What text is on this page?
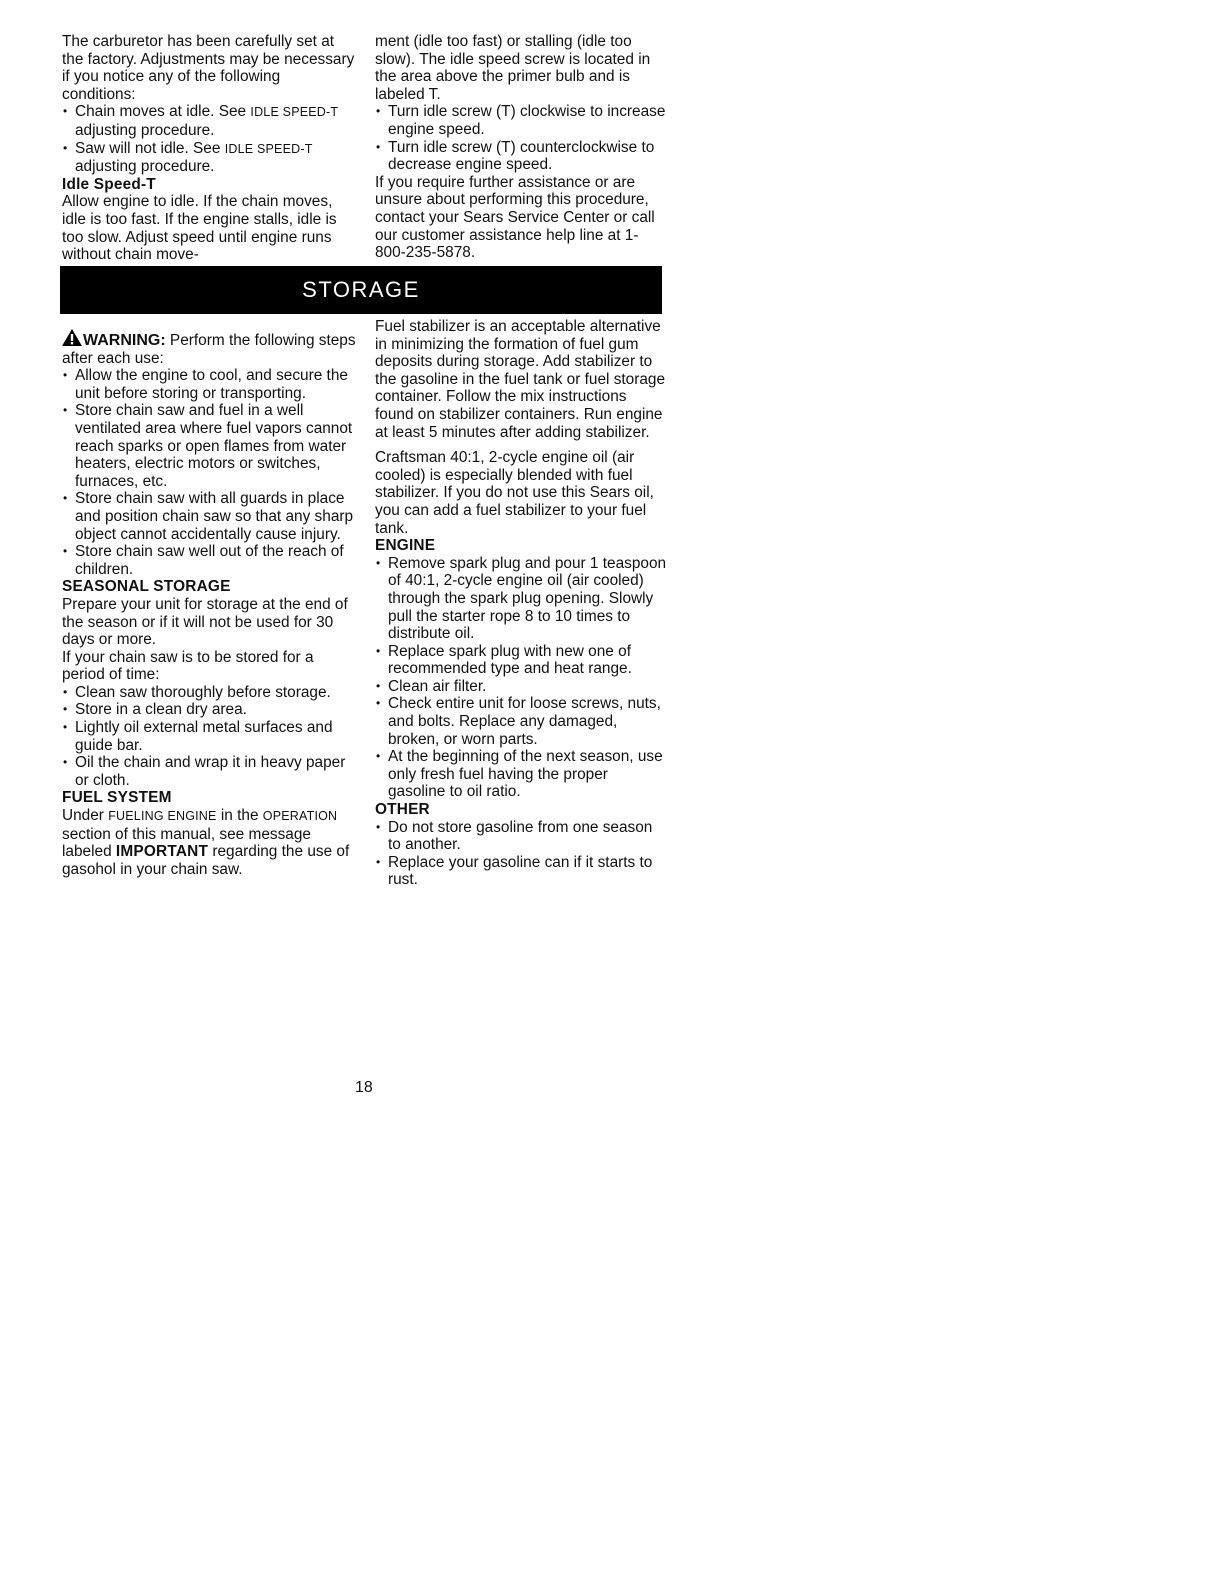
The carburetor has been carefully set at the factory. Adjustments may be necessary if you notice any of the following conditions:

• Chain moves at idle. See IDLE SPEED-T adjusting procedure.

• Saw will not idle. See IDLE SPEED-T adjusting procedure.

Idle Speed-T

Allow engine to idle. If the chain moves, idle is too fast. If the engine stalls, idle is too slow. Adjust speed until engine runs without chain move-

ment (idle too fast) or stalling (idle too slow). The idle speed screw is located in the area above the primer bulb and is labeled T.

• Turn idle screw (T) clockwise to increase engine speed.

• Turn idle screw (T) counterclockwise to decrease engine speed.

If you require further assistance or are unsure about performing this procedure, contact your Sears Service Center or call our customer assistance help line at 1-800-235-5878.

STORAGE

WARNING: Perform the following steps after each use:

• Allow the engine to cool, and secure the unit before storing or transporting.

• Store chain saw and fuel in a well ventilated area where fuel vapors cannot reach sparks or open flames from water heaters, electric motors or switches, furnaces, etc.

• Store chain saw with all guards in place and position chain saw so that any sharp object cannot accidentally cause injury.

• Store chain saw well out of the reach of children.

SEASONAL STORAGE

Prepare your unit for storage at the end of the season or if it will not be used for 30 days or more.

If your chain saw is to be stored for a period of time:

• Clean saw thoroughly before storage.

• Store in a clean dry area.

• Lightly oil external metal surfaces and guide bar.

• Oil the chain and wrap it in heavy paper or cloth.

FUEL SYSTEM

Under FUELING ENGINE in the OPERATION section of this manual, see message labeled IMPORTANT regarding the use of gasohol in your chain saw.

Fuel stabilizer is an acceptable alternative in minimizing the formation of fuel gum deposits during storage. Add stabilizer to the gasoline in the fuel tank or fuel storage container. Follow the mix instructions found on stabilizer containers. Run engine at least 5 minutes after adding stabilizer.

Craftsman 40:1, 2-cycle engine oil (air cooled) is especially blended with fuel stabilizer. If you do not use this Sears oil, you can add a fuel stabilizer to your fuel tank.

ENGINE

• Remove spark plug and pour 1 teaspoon of 40:1, 2-cycle engine oil (air cooled) through the spark plug opening. Slowly pull the starter rope 8 to 10 times to distribute oil.

• Replace spark plug with new one of recommended type and heat range.

• Clean air filter.

• Check entire unit for loose screws, nuts, and bolts. Replace any damaged, broken, or worn parts.

• At the beginning of the next season, use only fresh fuel having the proper gasoline to oil ratio.

OTHER

• Do not store gasoline from one season to another.

• Replace your gasoline can if it starts to rust.

18
